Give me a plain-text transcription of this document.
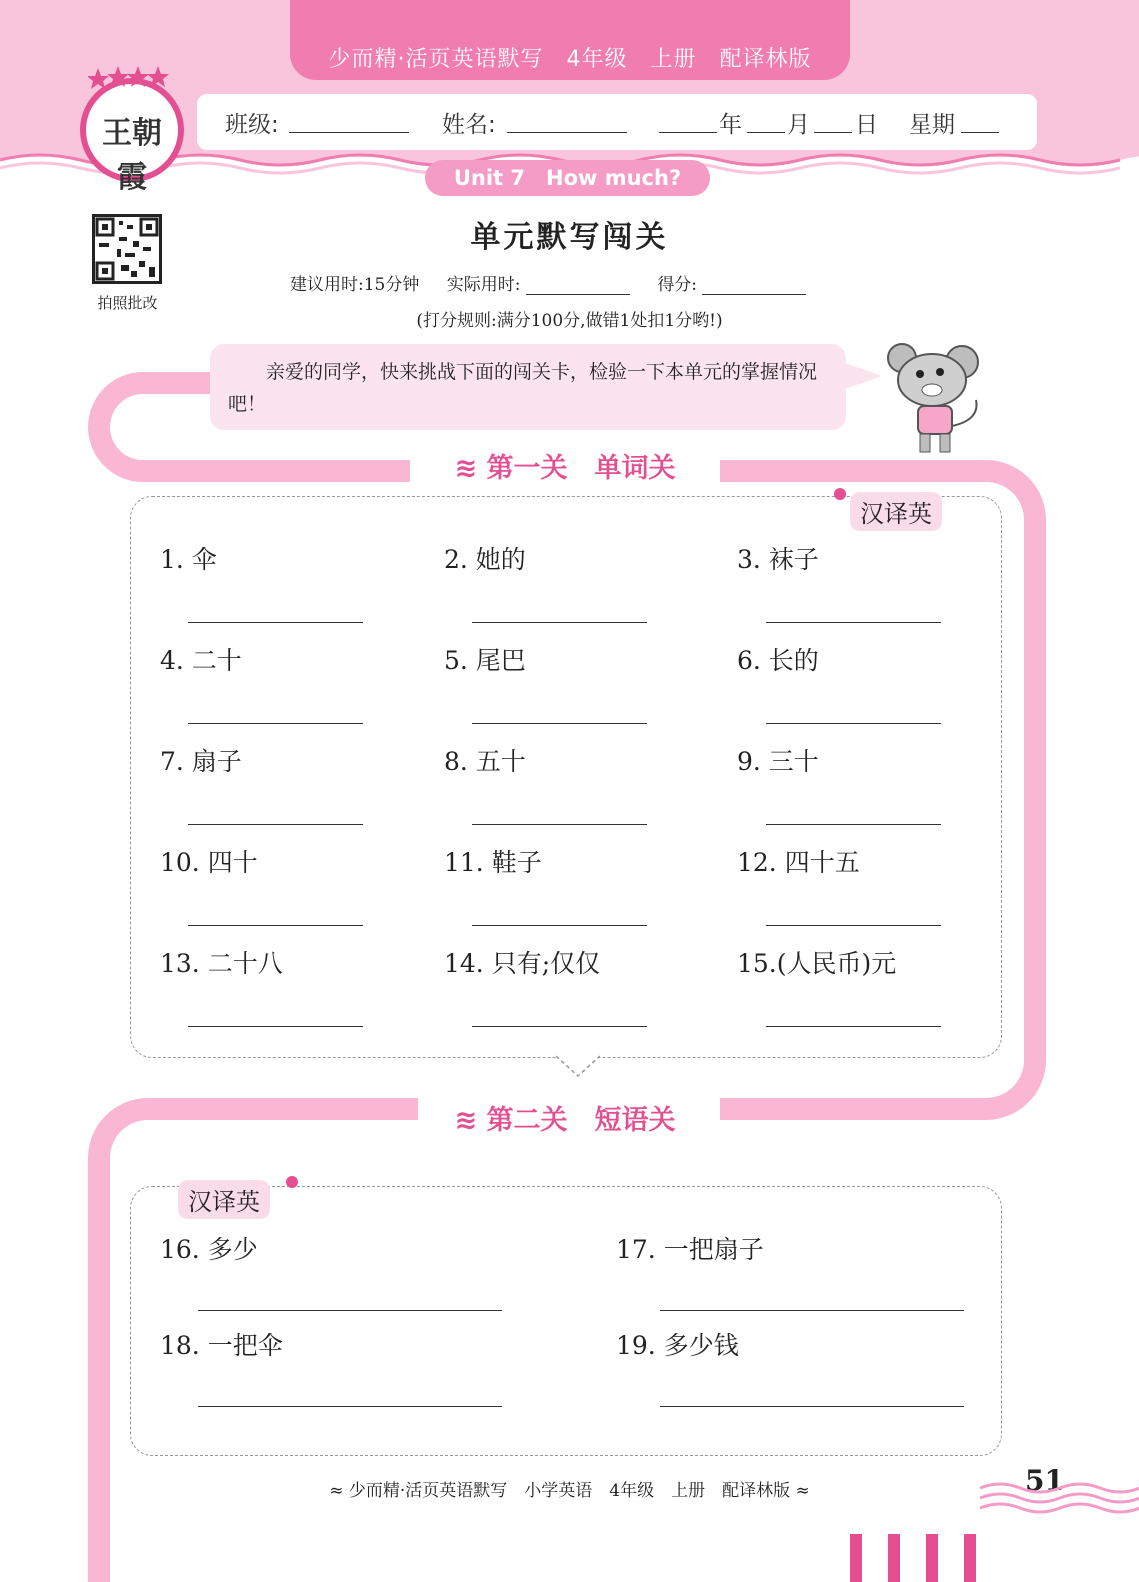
少而精·活页英语默写　4年级　上册　配译林版
班级:	姓名:	年 月 日 星期
Unit 7　How much?
王朝霞
拍照批改
单元默写闯关
建议用时:15分钟 实际用时:	得分:
(打分规则:满分100分,做错1处扣1分哟!)
亲爱的同学，快来挑战下面的闯关卡，检验一下本单元的掌握情况吧！
≋ 第一关　单词关
汉译英
1. 伞	2. 她的	3. 袜子
4. 二十	5. 尾巴	6. 长的
7. 扇子	8. 五十	9. 三十
10. 四十	11. 鞋子	12. 四十五
13. 二十八	14. 只有;仅仅	15.(人民币)元
≋ 第二关　短语关
汉译英
16. 多少	17. 一把扇子
18. 一把伞	19. 多少钱
≈ 少而精·活页英语默写　小学英语　4年级　上册　配译林版 ≈	51
